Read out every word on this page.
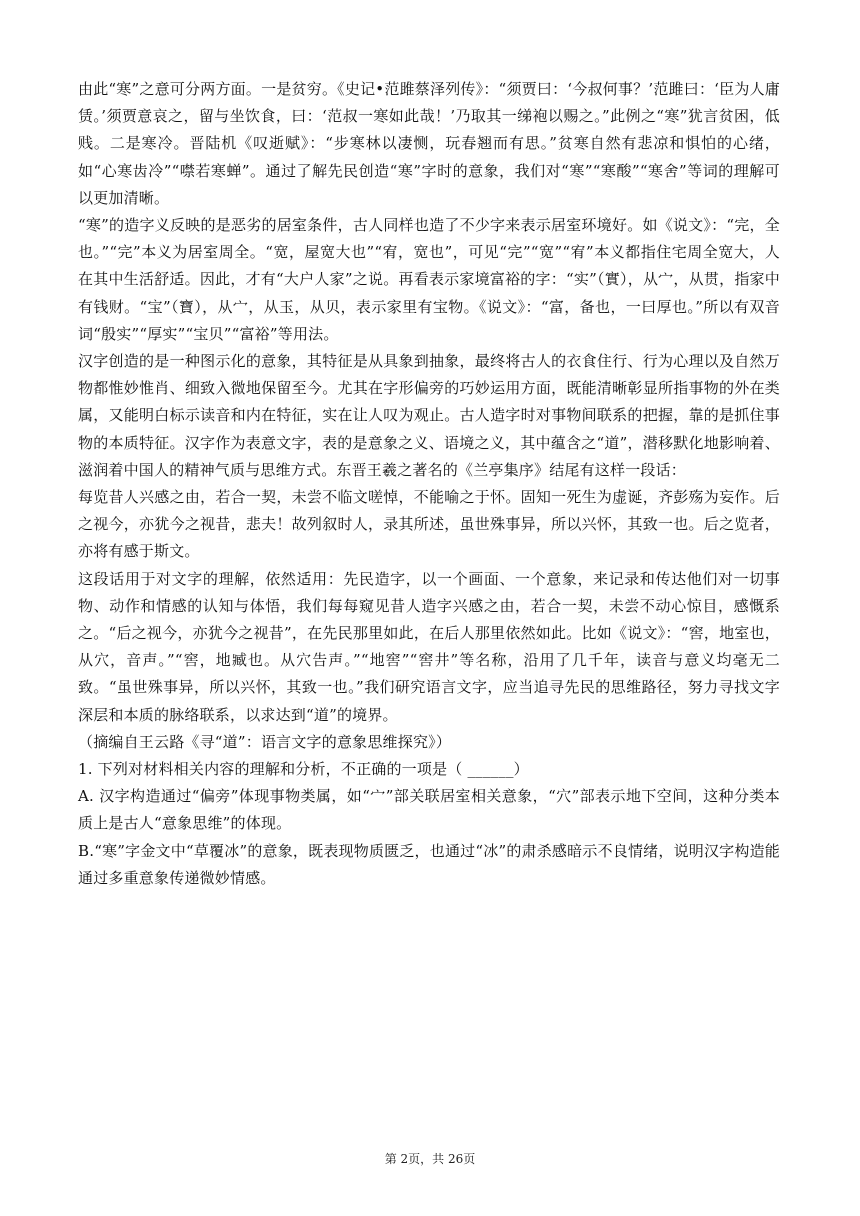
由此“寒”之意可分两方面。一是贫穷。《史记•范雎蔡泽列传》：“须贾曰：‘今叔何事？’范雎曰：‘臣为人庸赁。’须贾意哀之，留与坐饮食，曰：‘范叔一寒如此哉！’乃取其一绨袍以赐之。”此例之“寒”犹言贫困，低贱。二是寒冷。晋陆机《叹逝赋》：“步寒林以凄恻，玩春翘而有思。”贫寒自然有悲凉和惧怕的心绪，如“心寒齿冷”“噤若寒蝉”。通过了解先民创造“寒”字时的意象，我们对“寒”“寒酸”“寒舍”等词的理解可以更加清晰。

“寒”的造字义反映的是恶劣的居室条件，古人同样也造了不少字来表示居室环境好。如《说文》：“完，全也。”“完”本义为居室周全。“宽，屋宽大也”“宥，宽也”，可见“完”“宽”“宥”本义都指住宅周全宽大，人在其中生活舒适。因此，才有“大户人家”之说。再看表示家境富裕的字：“实”（實），从宀，从贯，指家中有钱财。“宝”（寶），从宀，从玉，从贝，表示家里有宝物。《说文》：“富，备也，一曰厚也。”所以有双音词“殷实”“厚实”“宝贝”“富裕”等用法。

汉字创造的是一种图示化的意象，其特征是从具象到抽象，最终将古人的衣食住行、行为心理以及自然万物都惟妙惟肖、细致入微地保留至今。尤其在字形偏旁的巧妙运用方面，既能清晰彰显所指事物的外在类属，又能明白标示读音和内在特征，实在让人叹为观止。古人造字时对事物间联系的把握，靠的是抓住事物的本质特征。汉字作为表意文字，表的是意象之义、语境之义，其中蕴含之“道”，潜移默化地影响着、滋润着中国人的精神气质与思维方式。东晋王羲之著名的《兰亭集序》结尾有这样一段话：

每览昔人兴感之由，若合一契，未尝不临文嗟悼，不能喻之于怀。固知一死生为虚诞，齐彭殇为妄作。后之视今，亦犹今之视昔，悲夫！故列叙时人，录其所述，虽世殊事异，所以兴怀，其致一也。后之览者，亦将有感于斯文。

这段话用于对文字的理解，依然适用：先民造字，以一个画面、一个意象，来记录和传达他们对一切事物、动作和情感的认知与体悟，我们每每窥见昔人造字兴感之由，若合一契，未尝不动心惊目，感慨系之。“后之视今，亦犹今之视昔”，在先民那里如此，在后人那里依然如此。比如《说文》：“窖，地室也，从穴，音声。”“窖，地臧也。从穴告声。”“地窖”“窖井”等名称，沿用了几千年，读音与意义均毫无二致。“虽世殊事异，所以兴怀，其致一也。”我们研究语言文字，应当追寻先民的思维路径，努力寻找文字深层和本质的脉络联系，以求达到“道”的境界。

（摘编自王云路《寻“道”：语言文字的意象思维探究》）

1. 下列对材料相关内容的理解和分析，不正确的一项是（ ______）

A. 汉字构造通过“偏旁”体现事物类属，如“宀”部关联居室相关意象，“穴”部表示地下空间，这种分类本质上是古人“意象思维”的体现。

B.“寒”字金文中“草覆冰”的意象，既表现物质匮乏，也通过“冰”的肃杀感暗示不良情绪，说明汉字构造能通过多重意象传递微妙情感。

第 2页，共 26页
